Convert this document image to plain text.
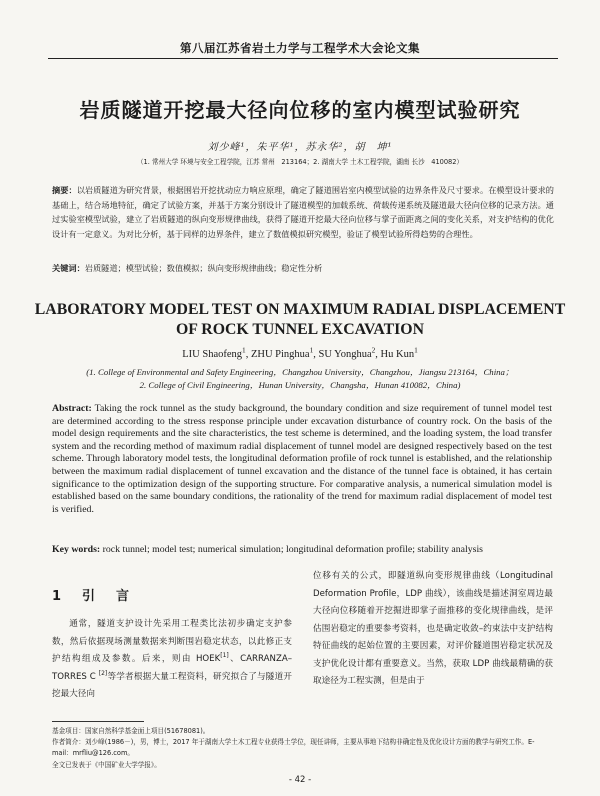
第八届江苏省岩土力学与工程学术大会论文集
岩质隧道开挖最大径向位移的室内模型试验研究
刘少峰¹，朱平华¹，苏永华²，胡　坤¹
（1. 常州大学 环境与安全工程学院，江苏 常州　213164；2. 湖南大学 土木工程学院，湖南 长沙　410082）
摘要：以岩质隧道为研究背景，根据围岩开挖扰动应力响应原理，确定了隧道围岩室内模型试验的边界条件及尺寸要求。在模型设计要求的基础上，结合场地特征，确定了试验方案，并基于方案分别设计了隧道模型的加载系统、荷载传递系统及隧道最大径向位移的记录方法。通过实验室模型试验，建立了岩质隧道的纵向变形规律曲线，获得了隧道开挖最大径向位移与掌子面距离之间的变化关系，对支护结构的优化设计有一定意义。为对比分析，基于同样的边界条件，建立了数值模拟研究模型，验证了模型试验所得趋势的合理性。
关键词：岩质隧道；模型试验；数值模拟；纵向变形规律曲线；稳定性分析
LABORATORY MODEL TEST ON MAXIMUM RADIAL DISPLACEMENT
OF ROCK TUNNEL EXCAVATION
LIU Shaofeng$^1$, ZHU Pinghua$^1$, SU Yonghua$^2$, Hu Kun$^1$
(1. College of Environmental and Safety Engineering，Changzhou University，Changzhou，Jiangsu 213164，China；
2. College of Civil Engineering，Hunan University，Changsha，Hunan 410082，China)
Abstract: Taking the rock tunnel as the study background, the boundary condition and size requirement of tunnel model test are determined according to the stress response principle under excavation disturbance of country rock. On the basis of the model design requirements and the site characteristics, the test scheme is determined, and the loading system, the load transfer system and the recording method of maximum radial displacement of tunnel model are designed respectively based on the test scheme. Through laboratory model tests, the longitudinal deformation profile of rock tunnel is established, and the relationship between the maximum radial displacement of tunnel excavation and the distance of the tunnel face is obtained, it has certain significance to the optimization design of the supporting structure. For comparative analysis, a numerical simulation model is established based on the same boundary conditions, the rationality of the trend for maximum radial displacement of model test is verified.
Key words: rock tunnel; model test; numerical simulation; longitudinal deformation profile; stability analysis
1　引　言

通常，隧道支护设计先采用工程类比法初步确定支护参数，然后依据现场测量数据来判断围岩稳定状态，以此修正支护结构组成及参数。后来，则由 HOEK[1]、CARRANZA–TORRES C [2]等学者根据大量工程资料，研究拟合了与隧道开挖最大径向

位移有关的公式，即隧道纵向变形规律曲线（Longitudinal Deformation Profile，LDP 曲线），该曲线是描述洞室周边最大径向位移随着开挖掘进即掌子面推移的变化规律曲线，是评估围岩稳定的重要参考资料，也是确定收敛–约束法中支护结构特征曲线的起始位置的主要因素，对评价隧道围岩稳定状况及支护优化设计都有重要意义。当然，获取 LDP 曲线最精确的获取途径为工程实测，但是由于

基金项目：国家自然科学基金面上项目(51678081)。
作者简介：刘少峰(1986－)，男，博士，2017 年于湖南大学土木工程专业获得土学位，现任讲师，主要从事地下结构非确定性及优化设计方面的教学与研究工作。E-mail：mrfliu@126.com。
全文已发表于《中国矿业大学学报》。
- 42 -
